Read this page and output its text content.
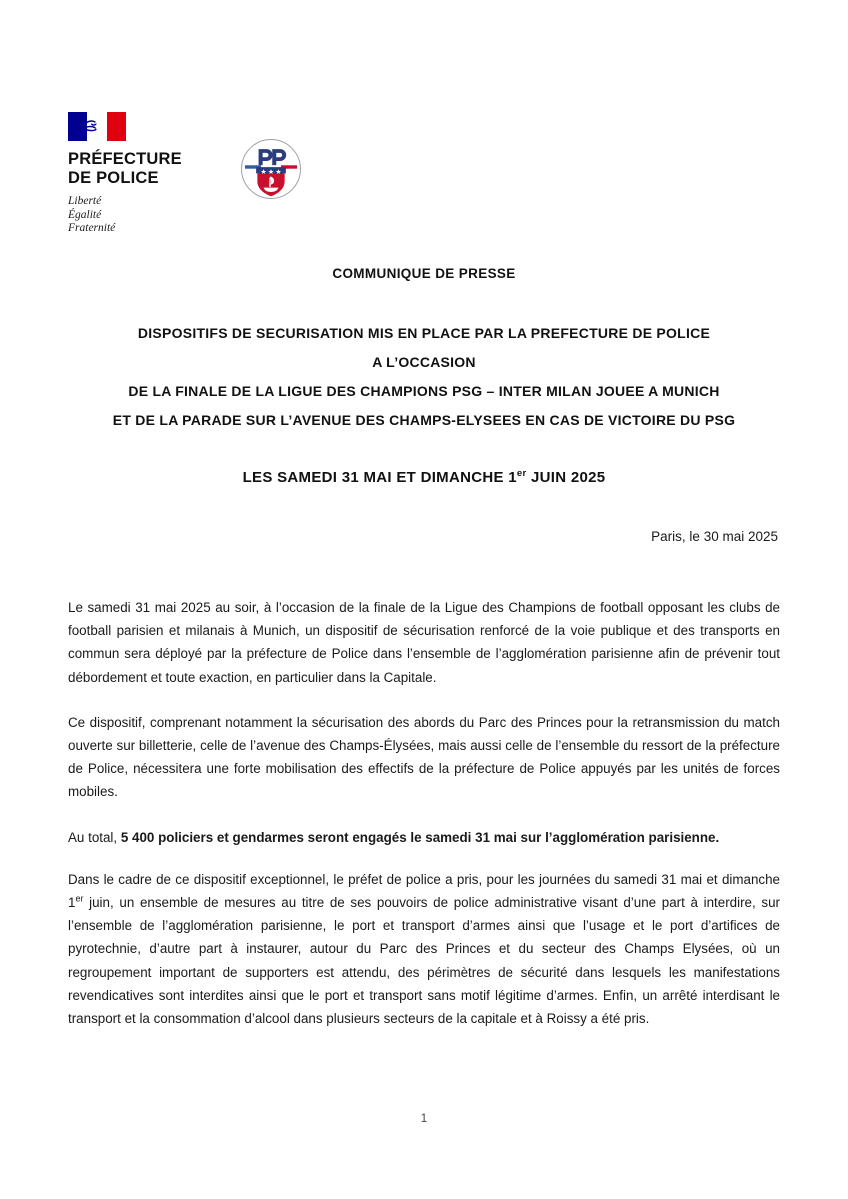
PRÉFECTURE
DE POLICE
Liberté
Égalité
Fraternité
COMMUNIQUE DE PRESSE
DISPOSITIFS DE SECURISATION MIS EN PLACE PAR LA PREFECTURE DE POLICE
A L’OCCASION
DE LA FINALE DE LA LIGUE DES CHAMPIONS PSG – INTER MILAN JOUEE A MUNICH
ET DE LA PARADE SUR L’AVENUE DES CHAMPS-ELYSEES EN CAS DE VICTOIRE DU PSG
LES SAMEDI 31 MAI ET DIMANCHE 1er JUIN 2025
Paris, le 30 mai 2025

Le samedi 31 mai 2025 au soir, à l’occasion de la finale de la Ligue des Champions de football opposant les clubs de football parisien et milanais à Munich, un dispositif de sécurisation renforcé de la voie publique et des transports en commun sera déployé par la préfecture de Police dans l’ensemble de l’agglomération parisienne afin de prévenir tout débordement et toute exaction, en particulier dans la Capitale.

Ce dispositif, comprenant notamment la sécurisation des abords du Parc des Princes pour la retransmission du match ouverte sur billetterie, celle de l’avenue des Champs-Élysées, mais aussi celle de l’ensemble du ressort de la préfecture de Police, nécessitera une forte mobilisation des effectifs de la préfecture de Police appuyés par les unités de forces mobiles.

Au total, 5 400 policiers et gendarmes seront engagés le samedi 31 mai sur l’agglomération parisienne.

Dans le cadre de ce dispositif exceptionnel, le préfet de police a pris, pour les journées du samedi 31 mai et dimanche 1er juin, un ensemble de mesures au titre de ses pouvoirs de police administrative visant d’une part à interdire, sur l’ensemble de l’agglomération parisienne, le port et transport d’armes ainsi que l’usage et le port d’artifices de pyrotechnie, d’autre part à instaurer, autour du Parc des Princes et du secteur des Champs Elysées, où un regroupement important de supporters est attendu, des périmètres de sécurité dans lesquels les manifestations revendicatives sont interdites ainsi que le port et transport sans motif légitime d’armes. Enfin, un arrêté interdisant le transport et la consommation d’alcool dans plusieurs secteurs de la capitale et à Roissy a été pris.

1
